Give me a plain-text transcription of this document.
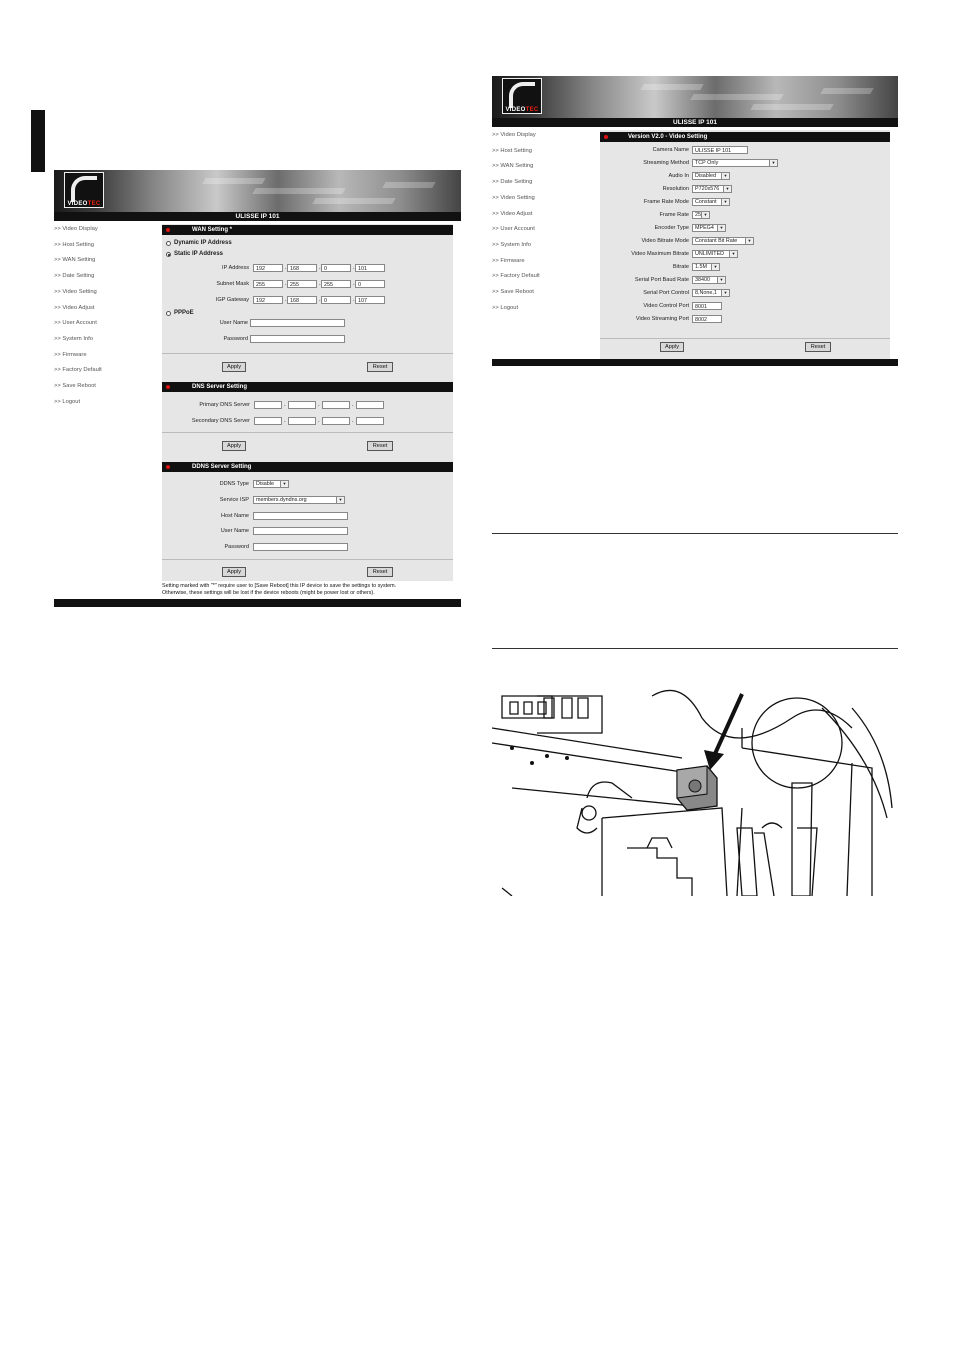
VIDEOTEC
ULISSE IP 101
>> Video Display
>> Host Setting
>> WAN Setting
>> Date Setting
>> Video Setting
>> Video Adjust
>> User Account
>> System Info
>> Firmware
>> Factory Default
>> Save Reboot
>> Logout
WAN Setting *
Dynamic IP Address
Static IP Address
IP Address	192	. 168	. 0	. 101
Subnet Mask	255	. 255	. 255	. 0
IGP Gateway	192	. 168	. 0	. 107
PPPoE
User Name
Password
Apply	Reset
DNS Server Setting
Primary DNS Server	.	.	.
Secondary DNS Server	.	.	.
Apply	Reset
DDNS Server Setting
DDNS Type	Disable	▼
Service ISP	members.dyndns.org	▼
Host Name
User Name
Password
Apply	Reset
Setting marked with "*" require user to [Save Reboot] this IP device to save the settings to system.
Otherwise, these settings will be lost if the device reboots (might be power lost or others).
VIDEOTEC
ULISSE IP 101
>> Video Display
>> Host Setting
>> WAN Setting
>> Date Setting
>> Video Setting
>> Video Adjust
>> User Account
>> System Info
>> Firmware
>> Factory Default
>> Save Reboot
>> Logout
Version V2.0 - Video Setting
Camera Name	ULISSE IP 101
Streaming Method	TCP Only	▼
Audio In	Disabled	▼
Resolution	P720x576	▼
Frame Rate Mode	Constant	▼
Frame Rate	25 ▼
Encoder Type	MPEG4	▼
Video Bitrate Mode	Constant Bit Rate	▼
Video Maximum Bitrate	UNLIMITED	▼
Bitrate	1.5M	▼
Serial Port Baud Rate	38400	▼
Serial Port Control	8,None,1	▼
Video Control Port	8001
Video Streaming Port	8002
Apply	Reset
